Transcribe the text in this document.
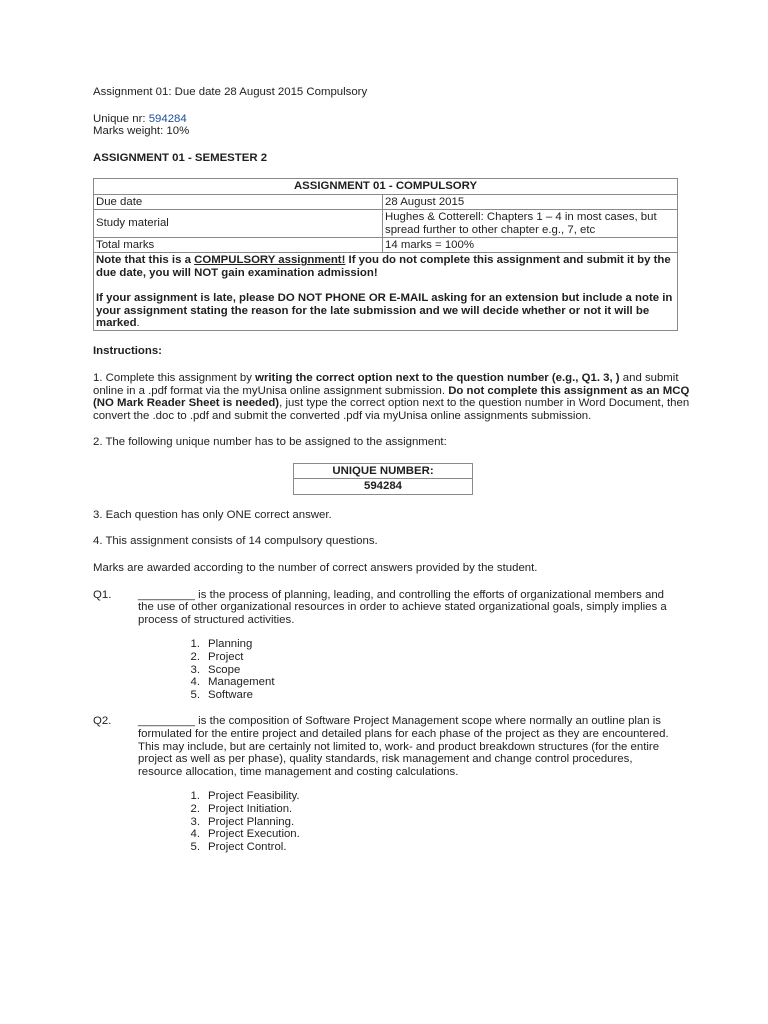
Assignment 01: Due date 28 August 2015 Compulsory

Unique nr: 594284

Marks weight: 10%

ASSIGNMENT 01 - SEMESTER 2

ASSIGNMENT 01 - COMPULSORY	
Due date	28 August 2015
Study material	Hughes & Cotterell: Chapters 1 – 4 in most cases, but spread further to other chapter e.g., 7, etc
Total marks	14 marks = 100%

Note that this is a COMPULSORY assignment! If you do not complete this assignment and submit it by the due date, you will NOT gain examination admission!

If your assignment is late, please DO NOT PHONE OR E-MAIL asking for an extension but include a note in your assignment stating the reason for the late submission and we will decide whether or not it will be marked.	

Instructions:

1. Complete this assignment by writing the correct option next to the question number (e.g., Q1. 3, ) and submit online in a .pdf format via the myUnisa online assignment submission. Do not complete this assignment as an MCQ (NO Mark Reader Sheet is needed), just type the correct option next to the question number in Word Document, then convert the .doc to .pdf and submit the converted .pdf via myUnisa online assignments submission.

2. The following unique number has to be assigned to the assignment:

UNIQUE NUMBER:
594284

3. Each question has only ONE correct answer.

4. This assignment consists of 14 compulsory questions.

Marks are awarded according to the number of correct answers provided by the student.

Q1.	_________ is the process of planning, leading, and controlling the efforts of organizational members and the use of other organizational resources in order to achieve stated organizational goals, simply implies a process of structured activities.
1. Planning
2. Project
3. Scope
4. Management
5. Software
Q2.	_________ is the composition of Software Project Management scope where normally an outline plan is formulated for the entire project and detailed plans for each phase of the project as they are encountered. This may include, but are certainly not limited to, work- and product breakdown structures (for the entire project as well as per phase), quality standards, risk management and change control procedures, resource allocation, time management and costing calculations.
1. Project Feasibility.
2. Project Initiation.
3. Project Planning.
4. Project Execution.
5. Project Control.
